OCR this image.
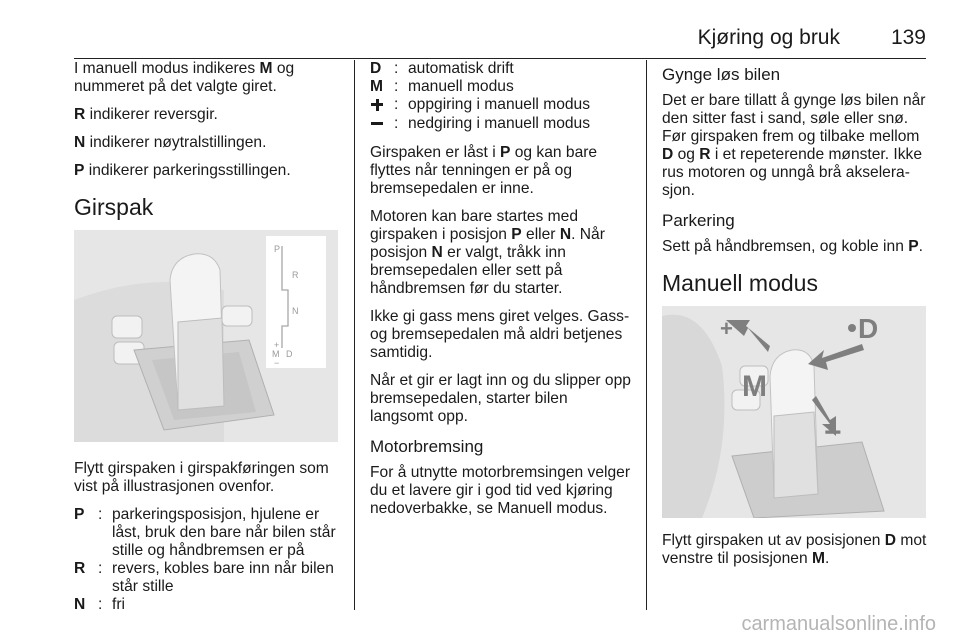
Kjøring og bruk 139

I manuell modus indikeres M og nummeret på det valgte giret.

R indikerer reversgir.

N indikerer nøytralstillingen.

P indikerer parkeringsstillingen.

Girspak
P
R
N
+
M D
−

Flytt girspaken i girspakføringen som vist på illustrasjonen ovenfor.

P : parkeringsposisjon, hjulene er låst, bruk den bare når bilen står stille og håndbremsen er på
R : revers, kobles bare inn når bilen står stille
N : fri
D : automatisk drift
M : manuell modus
: oppgiring i manuell modus
: nedgiring i manuell modus

Girspaken er låst i P og kan bare flyttes når tenningen er på og bremsepedalen er inne.

Motoren kan bare startes med girspaken i posisjon P eller N. Når posisjon N er valgt, tråkk inn bremsepedalen eller sett på håndbremsen før du starter.

Ikke gi gass mens giret velges. Gass- og bremsepedalen må aldri betjenes samtidig.

Når et gir er lagt inn og du slipper opp bremsepedalen, starter bilen langsomt opp.

Motorbremsing

For å utnytte motorbremsingen velger du et lavere gir i god tid ved kjøring nedoverbakke, se Manuell modus.

Gynge løs bilen

Det er bare tillatt å gynge løs bilen når den sitter fast i sand, søle eller snø. Før girspaken frem og tilbake mellom D og R i et repeterende mønster. Ikke rus motoren og unngå brå akselerasjon.

Parkering

Sett på håndbremsen, og koble inn P.

Manuell modus
+	D
M
−

Flytt girspaken ut av posisjonen D mot venstre til posisjonen M.

carmanualsonline.info
